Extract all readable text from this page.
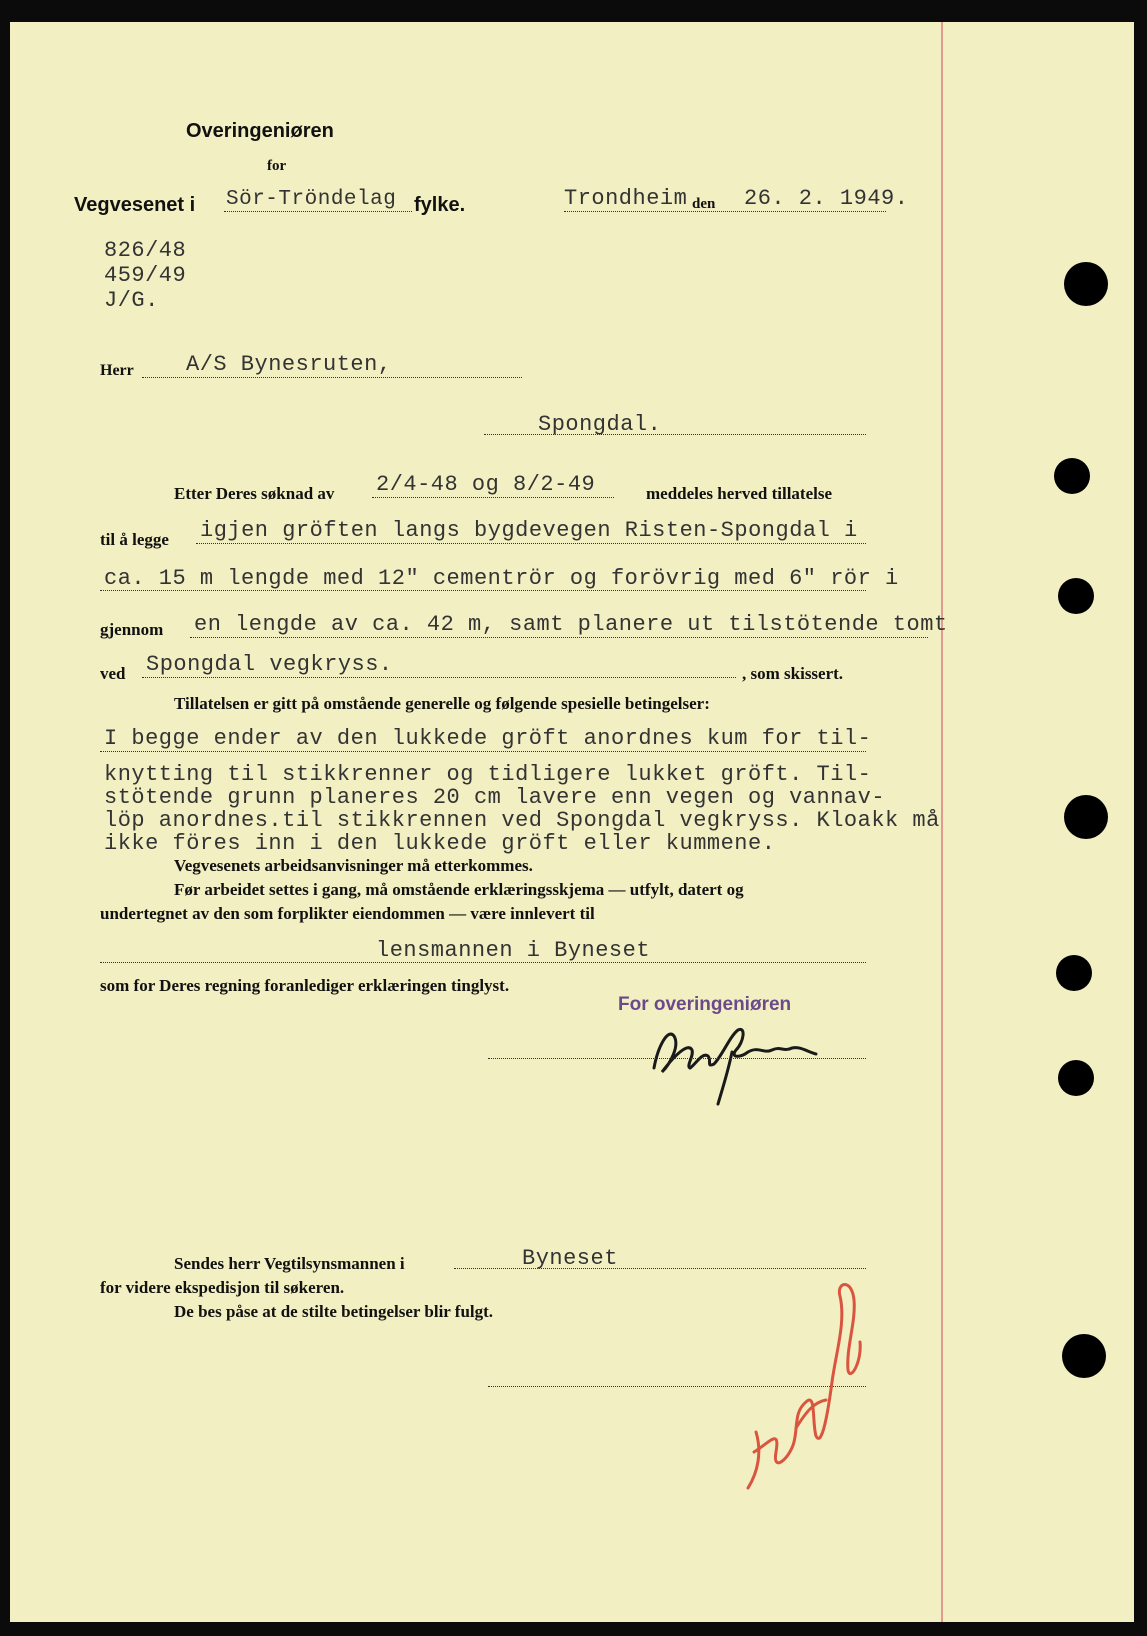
Overingeniøren
for
Vegvesenet i Sör-Tröndelag fylke.	Trondheim den 26. 2. 1949.
826/48
459/49
J/G.
Herr A/S Bynesruten,
Spongdal.
Etter Deres søknad av 2/4-48 og 8/2-49	meddeles herved tillatelse
til å legge igjen gröften langs bygdevegen Risten-Spongdal i
ca. 15 m lengde med 12" cementrör og forövrig med 6" rör i
gjennom en lengde av ca. 42 m, samt planere ut tilstötende tomt
ved Spongdal vegkryss.	, som skissert.
Tillatelsen er gitt på omstående generelle og følgende spesielle betingelser:
I begge ender av den lukkede gröft anordnes kum for til-
knytting til stikkrenner og tidligere lukket gröft. Til-
stötende grunn planeres 20 cm lavere enn vegen og vannav-
löp anordnes.til stikkrennen ved Spongdal vegkryss. Kloakk må
ikke föres inn i den lukkede gröft eller kummene.
Vegvesenets arbeidsanvisninger må etterkommes.
Før arbeidet settes i gang, må omstående erklæringsskjema — utfylt, datert og
undertegnet av den som forplikter eiendommen — være innlevert til
lensmannen i Byneset
som for Deres regning foranlediger erklæringen tinglyst.
For overingeniøren
Sendes herr Vegtilsynsmannen i	Byneset
for videre ekspedisjon til søkeren.
De bes påse at de stilte betingelser blir fulgt.
